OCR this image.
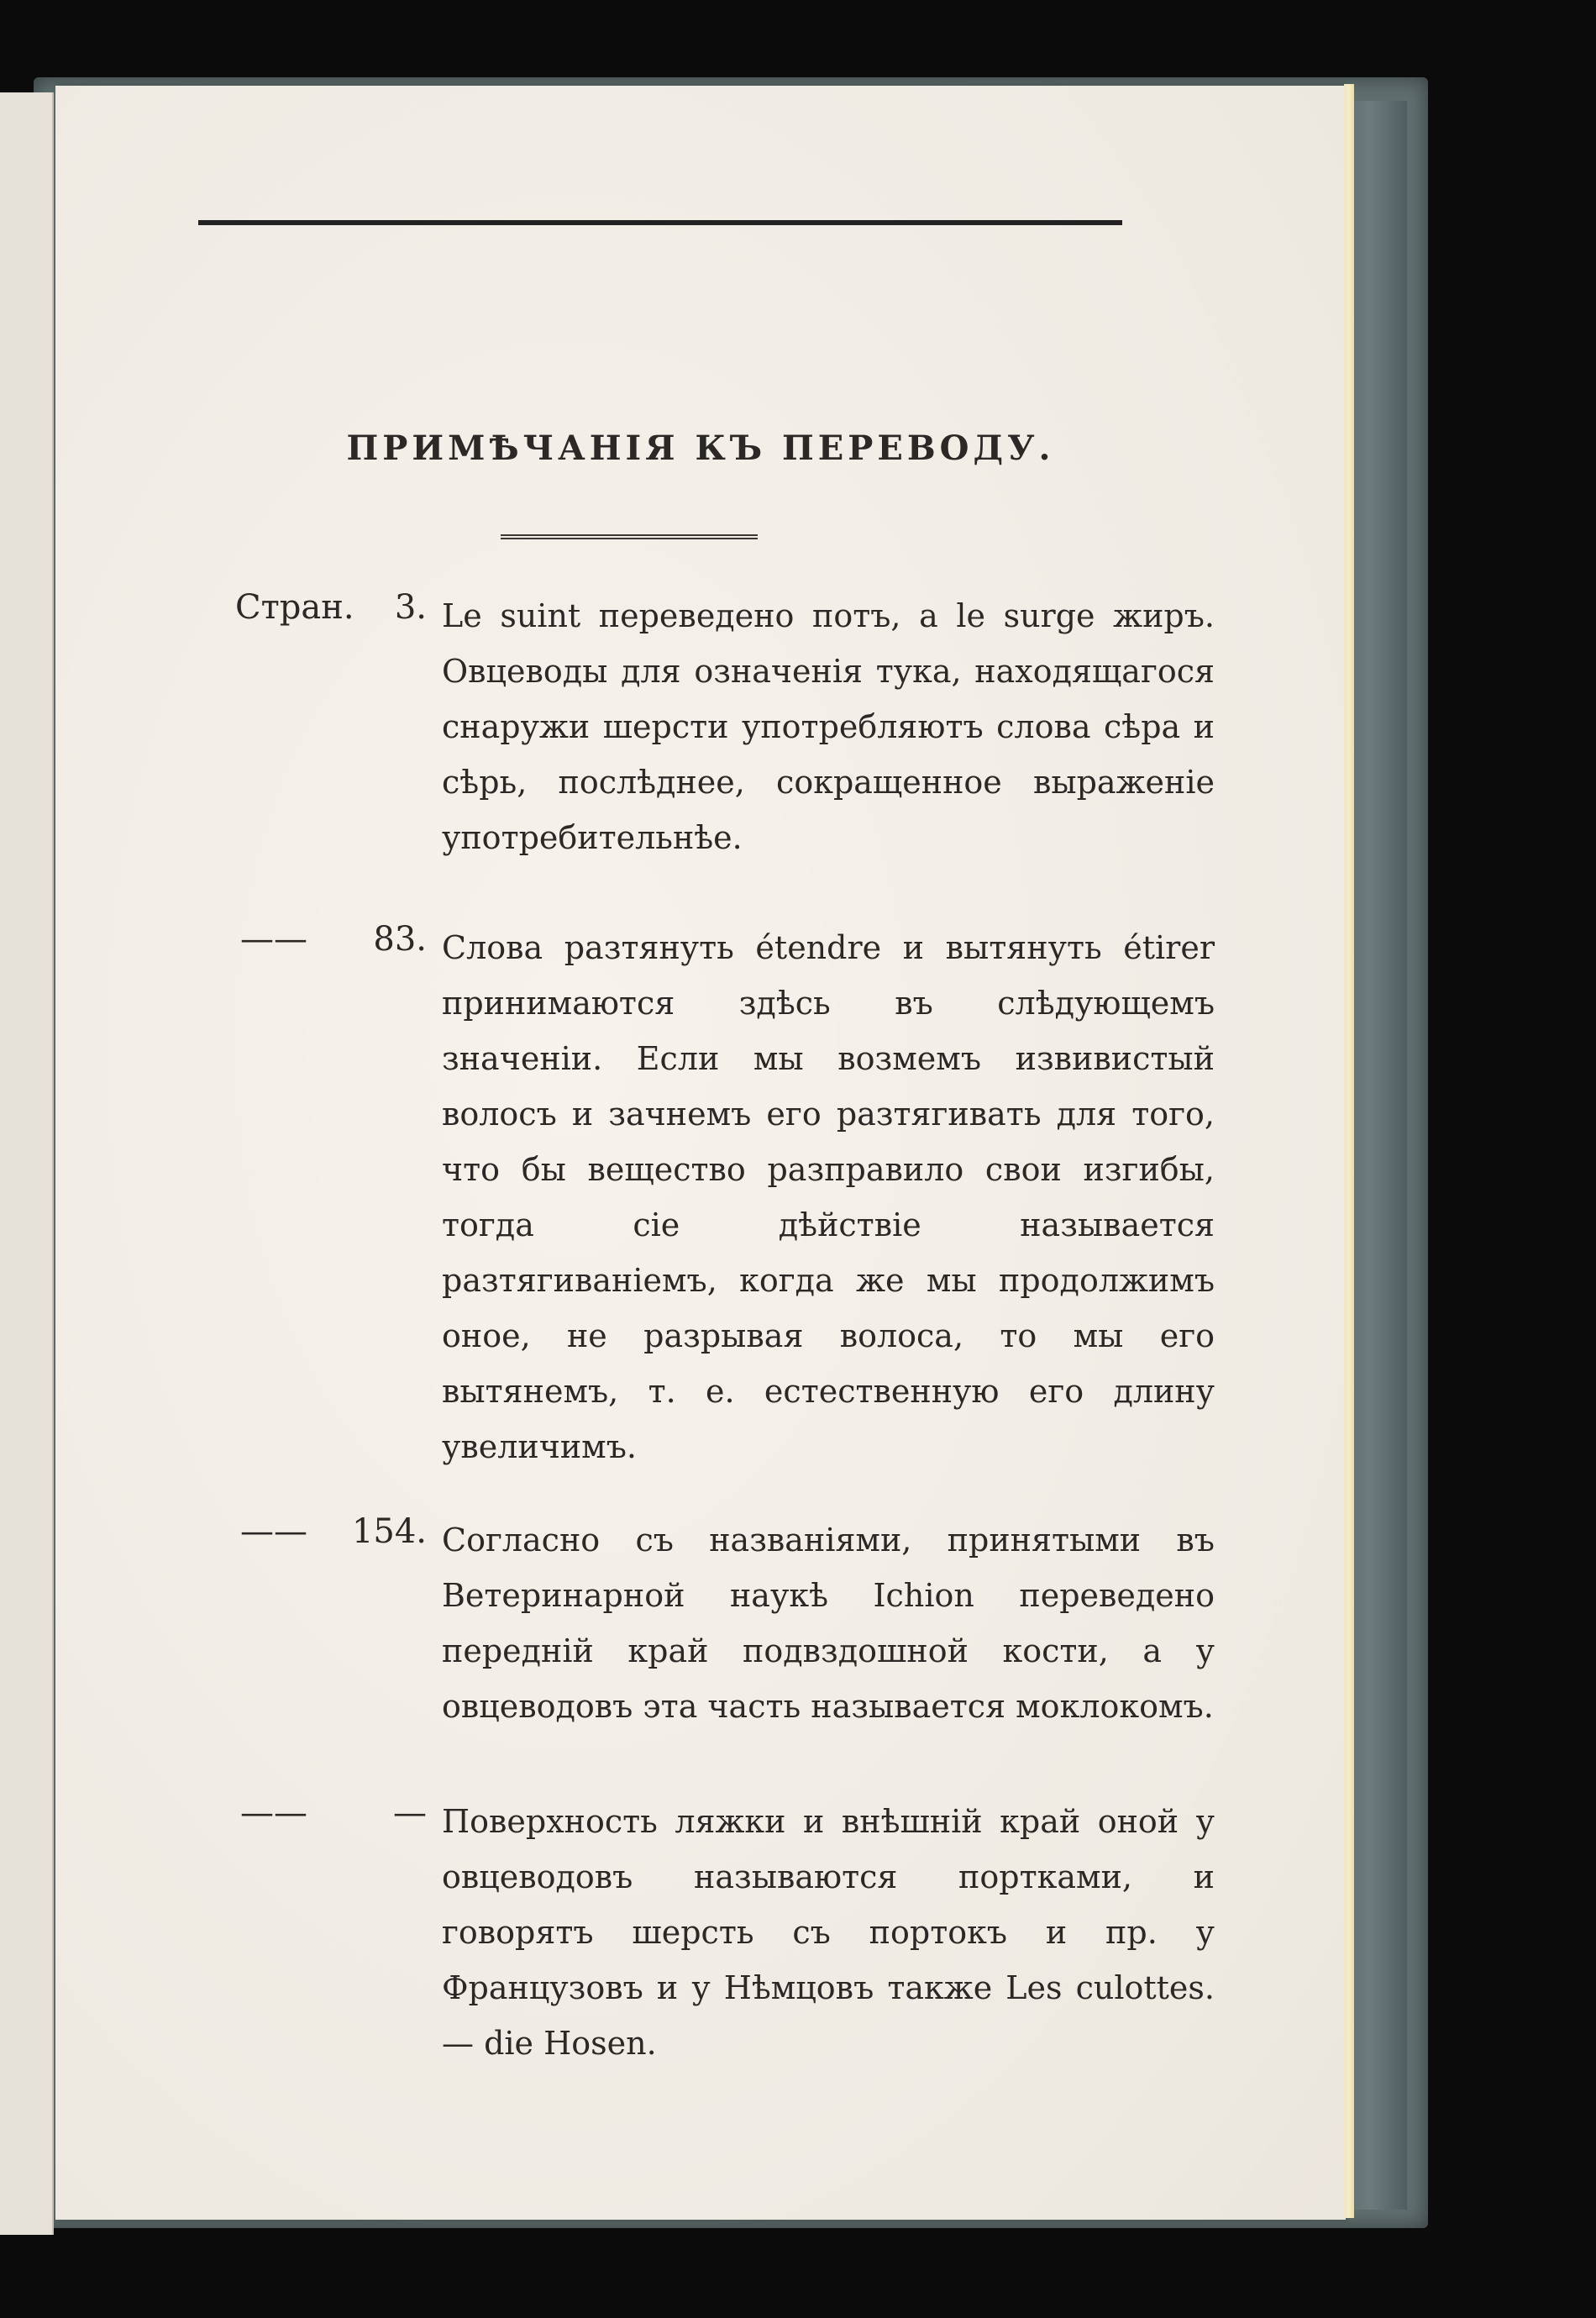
ПРИМѢЧАНІЯ КЪ ПЕРЕВОДУ.
Стран.	3. Le suint переведено потъ, а le surge жиръ. Овцеводы для означенія тука, находящагося снаружи шерсти употребляютъ слова сѣра и сѣрь, послѣднее, сокращенное выраженіе употребительнѣе.
——	83. Слова разтянуть étendre и вытянуть étirer принимаются здѣсь въ слѣдующемъ значеніи. Если мы возмемъ извивистый волосъ и зачнемъ его разтягивать для того, что бы вещество разправило свои изгибы, тогда сіе дѣйствіе называется разтягиваніемъ, когда же мы продолжимъ оное, не разрывая волоса, то мы его вытянемъ, т. е. естественную его длину увеличимъ.
——	154. Согласно съ названіями, принятыми въ Ветеринарной наукѣ Ichion переведено передній край подвздошной кости, а у овцеводовъ эта часть называется моклокомъ.
——	— Поверхность ляжки и внѣшній край оной у овцеводовъ называются портками, и говорятъ шерсть съ портокъ и пр. у Французовъ и у Нѣмцовъ также Les culottes. — die Hosen.
